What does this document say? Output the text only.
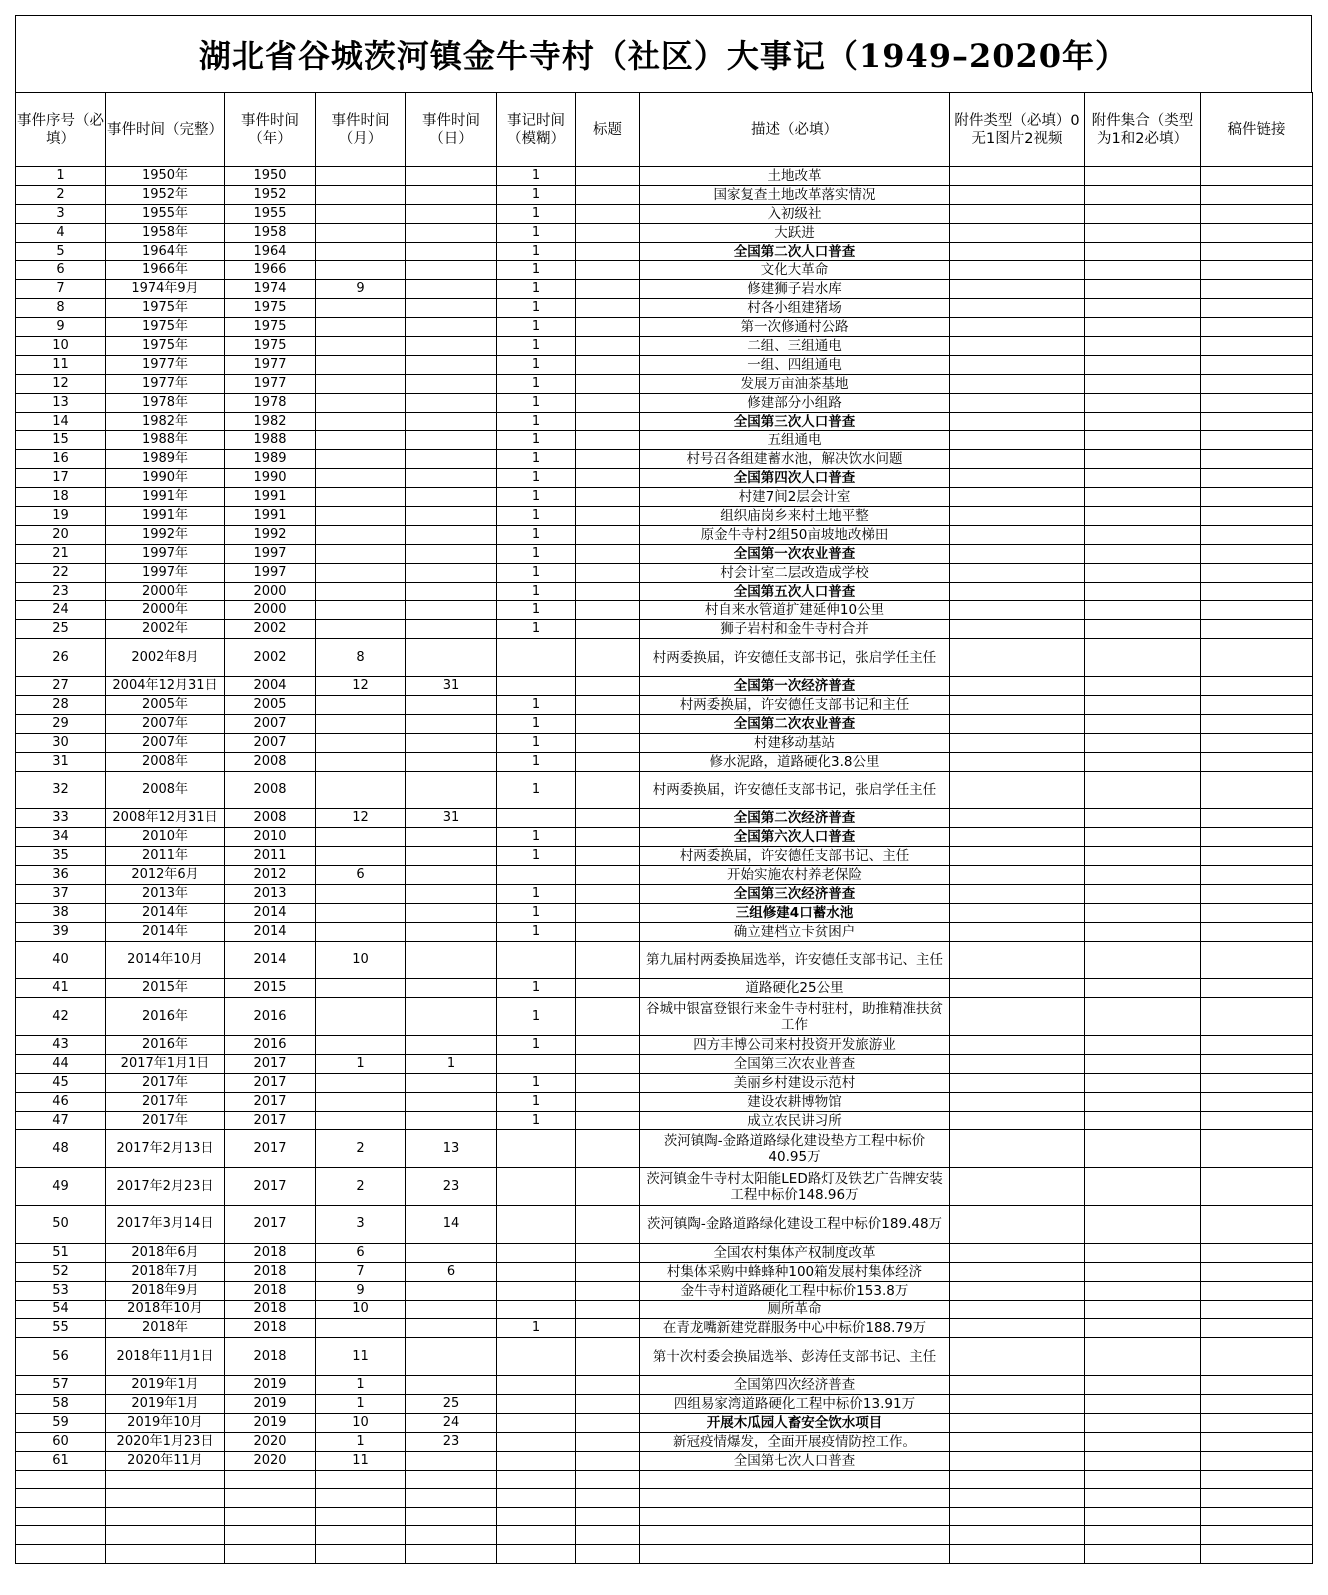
湖北省谷城茨河镇金牛寺村（社区）大事记（1949–2020年）
事件序号（必填）	事件时间（完整）	事件时间（年）	事件时间（月）	事件时间（日）	事记时间（模糊）	标题	描述（必填）	附件类型（必填）0无1图片2视频	附件集合（类型为1和2必填）	稿件链接
1	1950年	1950			1		土地改革			
2	1952年	1952			1		国家复查土地改革落实情况			
3	1955年	1955			1		入初级社			
4	1958年	1958			1		大跃进			
5	1964年	1964			1		全国第二次人口普查			
6	1966年	1966			1		文化大革命			
7	1974年9月	1974	9		1		修建狮子岩水库			
8	1975年	1975			1		村各小组建猪场			
9	1975年	1975			1		第一次修通村公路			
10	1975年	1975			1		二组、三组通电			
11	1977年	1977			1		一组、四组通电			
12	1977年	1977			1		发展万亩油茶基地			
13	1978年	1978			1		修建部分小组路			
14	1982年	1982			1		全国第三次人口普查			
15	1988年	1988			1		五组通电			
16	1989年	1989			1		村号召各组建蓄水池，解决饮水问题			
17	1990年	1990			1		全国第四次人口普查			
18	1991年	1991			1		村建7间2层会计室			
19	1991年	1991			1		组织庙岗乡来村土地平整			
20	1992年	1992			1		原金牛寺村2组50亩坡地改梯田			
21	1997年	1997			1		全国第一次农业普查			
22	1997年	1997			1		村会计室二层改造成学校			
23	2000年	2000			1		全国第五次人口普查			
24	2000年	2000			1		村自来水管道扩建延伸10公里			
25	2002年	2002			1		狮子岩村和金牛寺村合并			
26	2002年8月	2002	8				村两委换届，许安德任支部书记，张启学任主任			
27	2004年12月31日	2004	12	31			全国第一次经济普查			
28	2005年	2005			1		村两委换届，许安德任支部书记和主任			
29	2007年	2007			1		全国第二次农业普查			
30	2007年	2007			1		村建移动基站			
31	2008年	2008			1		修水泥路，道路硬化3.8公里			
32	2008年	2008			1		村两委换届，许安德任支部书记，张启学任主任			
33	2008年12月31日	2008	12	31			全国第二次经济普查			
34	2010年	2010			1		全国第六次人口普查			
35	2011年	2011			1		村两委换届，许安德任支部书记、主任			
36	2012年6月	2012	6				开始实施农村养老保险			
37	2013年	2013			1		全国第三次经济普查			
38	2014年	2014			1		三组修建4口蓄水池			
39	2014年	2014			1		确立建档立卡贫困户			
40	2014年10月	2014	10				第九届村两委换届选举，许安德任支部书记、主任			
41	2015年	2015			1		道路硬化25公里			
42	2016年	2016			1		谷城中银富登银行来金牛寺村驻村，助推精准扶贫工作			
43	2016年	2016			1		四方丰博公司来村投资开发旅游业			
44	2017年1月1日	2017	1	1			全国第三次农业普查			
45	2017年	2017			1		美丽乡村建设示范村			
46	2017年	2017			1		建设农耕博物馆			
47	2017年	2017			1		成立农民讲习所			
48	2017年2月13日	2017	2	13			茨河镇陶-金路道路绿化建设垫方工程中标价40.95万			
49	2017年2月23日	2017	2	23			茨河镇金牛寺村太阳能LED路灯及铁艺广告牌安装工程中标价148.96万			
50	2017年3月14日	2017	3	14			茨河镇陶-金路道路绿化建设工程中标价189.48万			
51	2018年6月	2018	6				全国农村集体产权制度改革			
52	2018年7月	2018	7	6			村集体采购中蜂蜂种100箱发展村集体经济			
53	2018年9月	2018	9				金牛寺村道路硬化工程中标价153.8万			
54	2018年10月	2018	10				厕所革命			
55	2018年	2018			1		在青龙嘴新建党群服务中心中标价188.79万			
56	2018年11月1日	2018	11				第十次村委会换届选举、彭涛任支部书记、主任			
57	2019年1月	2019	1				全国第四次经济普查			
58	2019年1月	2019	1	25			四组易家湾道路硬化工程中标价13.91万			
59	2019年10月	2019	10	24			开展木瓜园人畜安全饮水项目			
60	2020年1月23日	2020	1	23			新冠疫情爆发，全面开展疫情防控工作。			
61	2020年11月	2020	11				全国第七次人口普查			
